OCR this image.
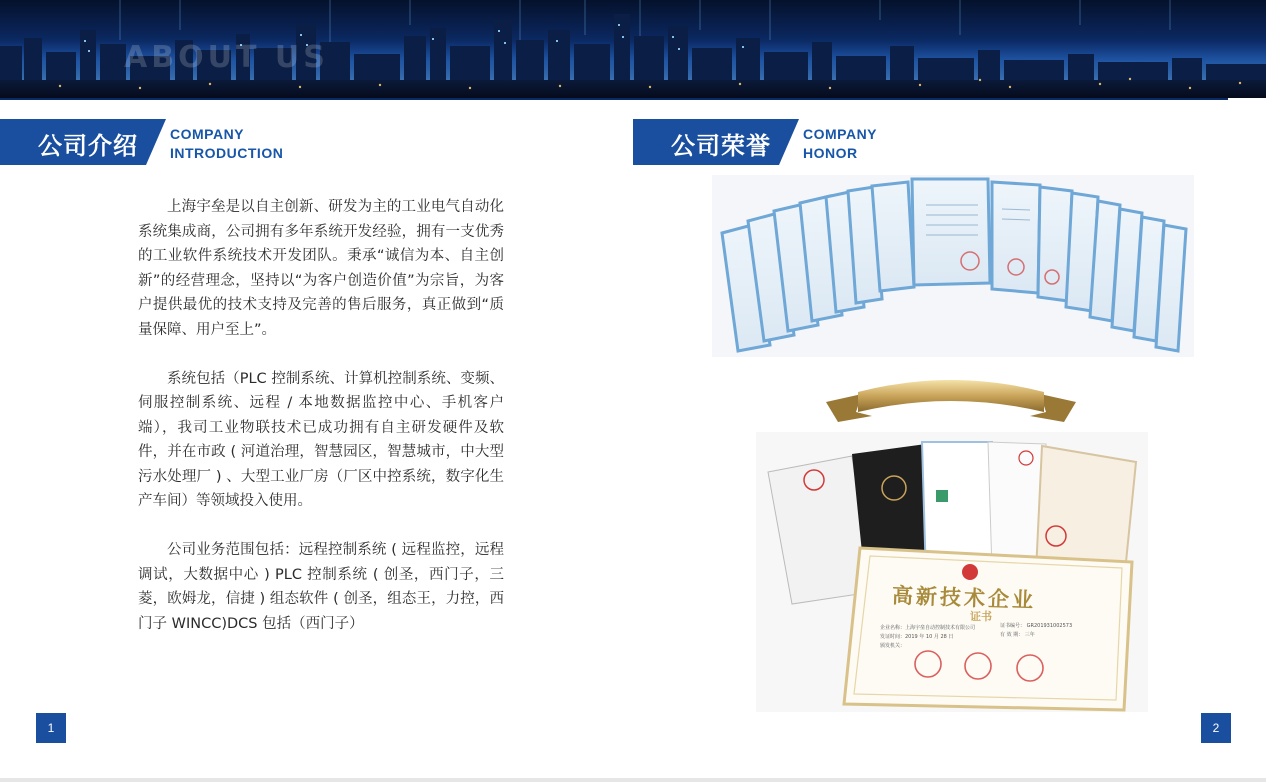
ABOUT US
公司介绍 COMPANY
INTRODUCTION

上海宇垒是以自主创新、研发为主的工业电气自动化系统集成商，公司拥有多年系统开发经验，拥有一支优秀的工业软件系统技术开发团队。秉承“诚信为本、自主创新”的经营理念，坚持以“为客户创造价值”为宗旨，为客户提供最优的技术支持及完善的售后服务，真正做到“质量保障、用户至上”。

系统包括（PLC 控制系统、计算机控制系统、变频、伺服控制系统、远程 / 本地数据监控中心、手机客户端），我司工业物联技术已成功拥有自主研发硬件及软件，并在市政 ( 河道治理，智慧园区，智慧城市，中大型污水处理厂 ) 、大型工业厂房（厂区中控系统，数字化生产车间）等领域投入使用。

公司业务范围包括：远程控制系统 ( 远程监控，远程调试，大数据中心 ) PLC 控制系统 ( 创圣，西门子，三菱，欧姆龙，信捷 ) 组态软件 ( 创圣，组态王，力控，西门子 WINCC)DCS 包括（西门子）

公司荣誉 COMPANY
HONOR
高新技术企业
证书
企业名称：上海宇垒自动控制技术有限公司
发证时间：2019 年 10 月 28 日
颁发机关：
证书编号： GR201931002573
有 效 期： 三年
1	2
